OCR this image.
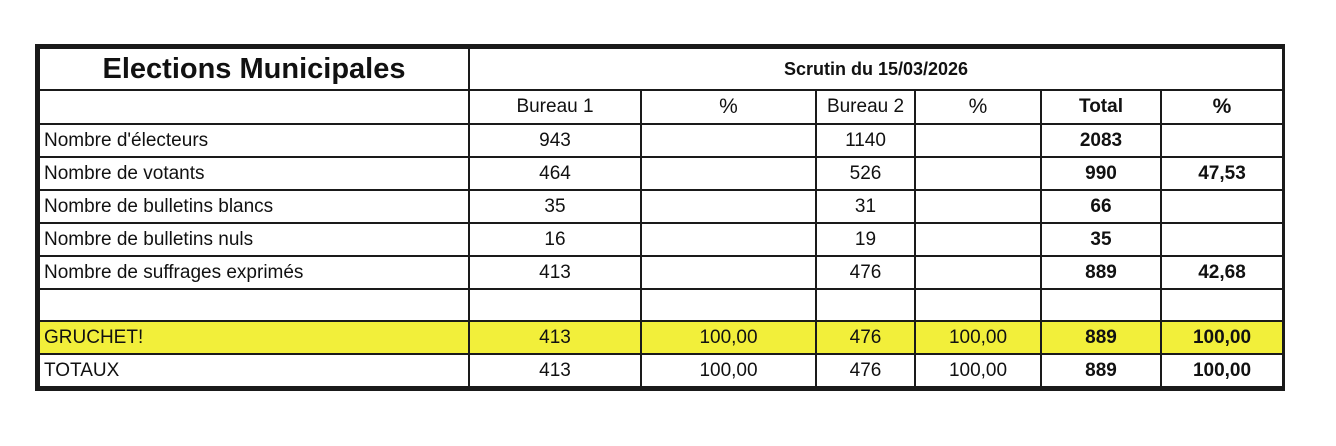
Elections Municipales	Scrutin du 15/03/2026					
	Bureau 1	%	Bureau 2	%	Total	%
Nombre d'électeurs	943		1140		2083	
Nombre de votants	464		526		990	47,53
Nombre de bulletins blancs	35		31		66	
Nombre de bulletins nuls	16		19		35	
Nombre de suffrages exprimés	413		476		889	42,68

GRUCHET!	413	100,00	476	100,00	889	100,00
TOTAUX	413	100,00	476	100,00	889	100,00
